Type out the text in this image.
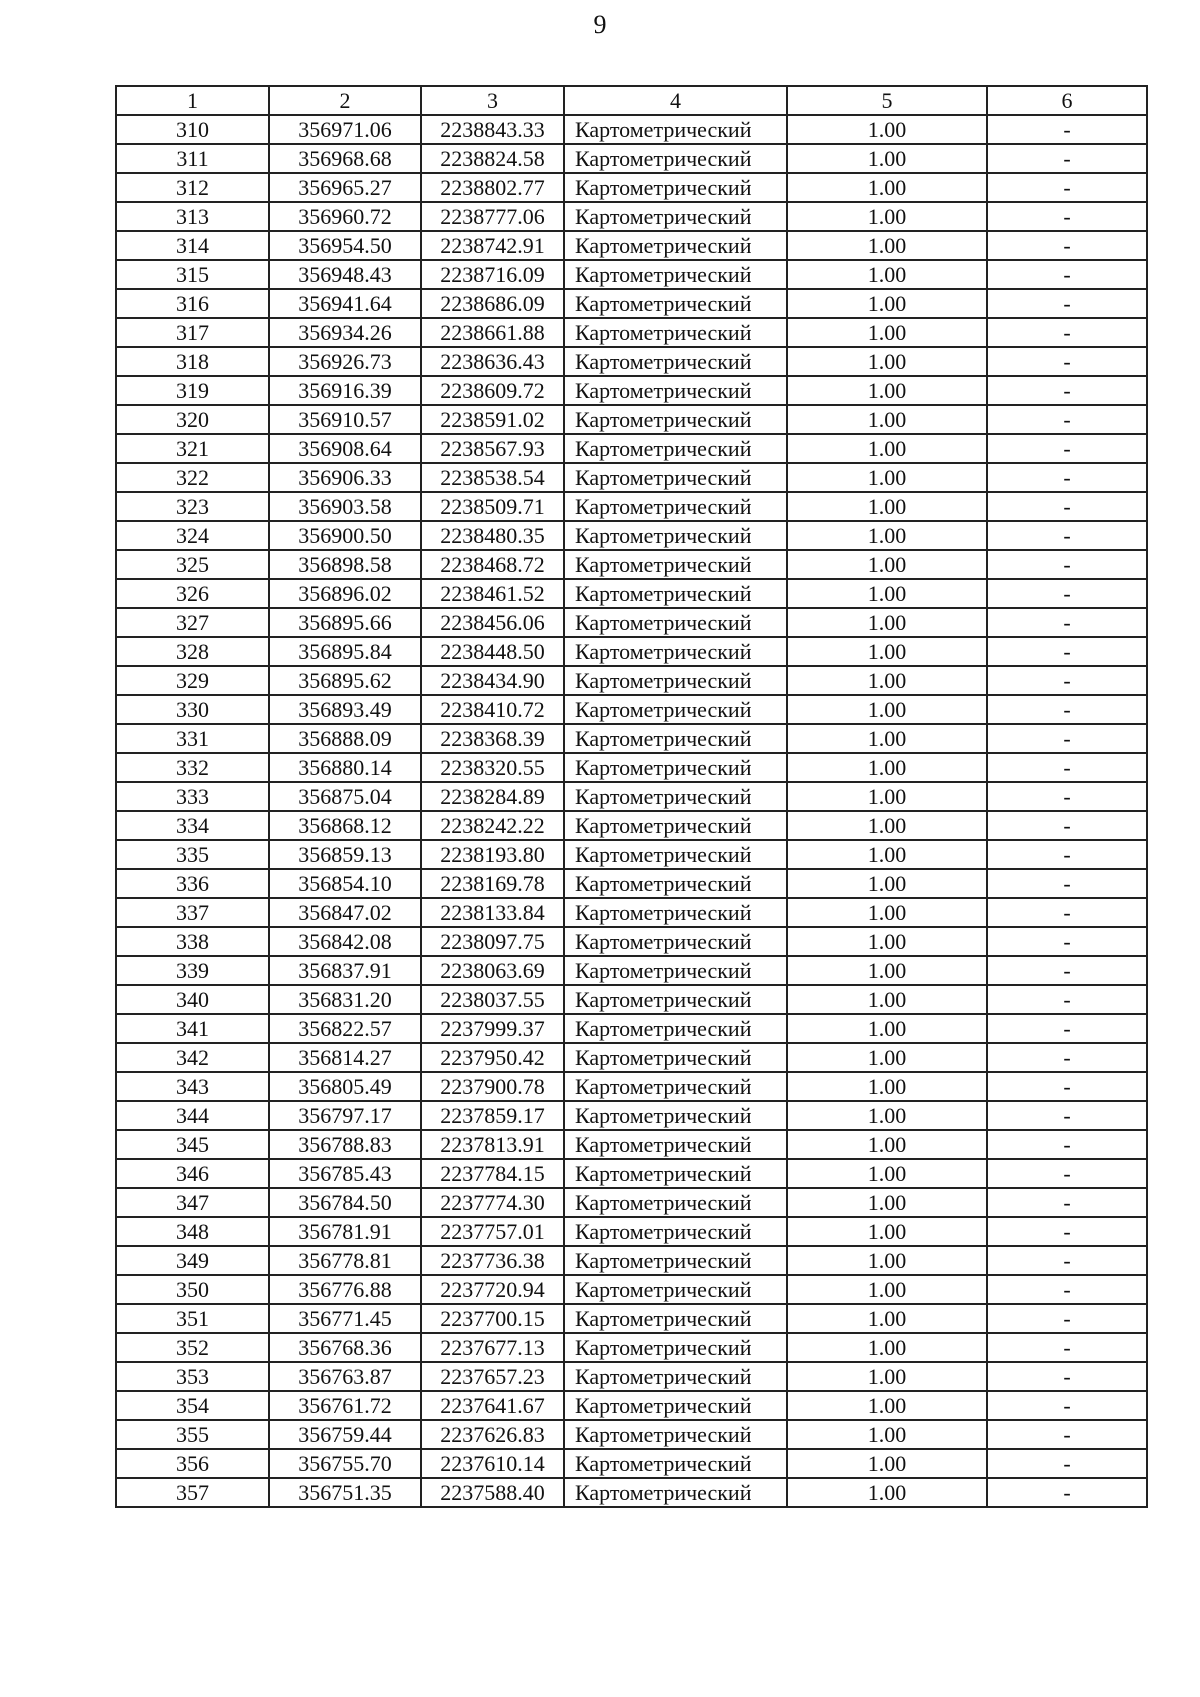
9
1	2	3	4	5	6
310	356971.06	2238843.33	Картометрический	1.00	-
311	356968.68	2238824.58	Картометрический	1.00	-
312	356965.27	2238802.77	Картометрический	1.00	-
313	356960.72	2238777.06	Картометрический	1.00	-
314	356954.50	2238742.91	Картометрический	1.00	-
315	356948.43	2238716.09	Картометрический	1.00	-
316	356941.64	2238686.09	Картометрический	1.00	-
317	356934.26	2238661.88	Картометрический	1.00	-
318	356926.73	2238636.43	Картометрический	1.00	-
319	356916.39	2238609.72	Картометрический	1.00	-
320	356910.57	2238591.02	Картометрический	1.00	-
321	356908.64	2238567.93	Картометрический	1.00	-
322	356906.33	2238538.54	Картометрический	1.00	-
323	356903.58	2238509.71	Картометрический	1.00	-
324	356900.50	2238480.35	Картометрический	1.00	-
325	356898.58	2238468.72	Картометрический	1.00	-
326	356896.02	2238461.52	Картометрический	1.00	-
327	356895.66	2238456.06	Картометрический	1.00	-
328	356895.84	2238448.50	Картометрический	1.00	-
329	356895.62	2238434.90	Картометрический	1.00	-
330	356893.49	2238410.72	Картометрический	1.00	-
331	356888.09	2238368.39	Картометрический	1.00	-
332	356880.14	2238320.55	Картометрический	1.00	-
333	356875.04	2238284.89	Картометрический	1.00	-
334	356868.12	2238242.22	Картометрический	1.00	-
335	356859.13	2238193.80	Картометрический	1.00	-
336	356854.10	2238169.78	Картометрический	1.00	-
337	356847.02	2238133.84	Картометрический	1.00	-
338	356842.08	2238097.75	Картометрический	1.00	-
339	356837.91	2238063.69	Картометрический	1.00	-
340	356831.20	2238037.55	Картометрический	1.00	-
341	356822.57	2237999.37	Картометрический	1.00	-
342	356814.27	2237950.42	Картометрический	1.00	-
343	356805.49	2237900.78	Картометрический	1.00	-
344	356797.17	2237859.17	Картометрический	1.00	-
345	356788.83	2237813.91	Картометрический	1.00	-
346	356785.43	2237784.15	Картометрический	1.00	-
347	356784.50	2237774.30	Картометрический	1.00	-
348	356781.91	2237757.01	Картометрический	1.00	-
349	356778.81	2237736.38	Картометрический	1.00	-
350	356776.88	2237720.94	Картометрический	1.00	-
351	356771.45	2237700.15	Картометрический	1.00	-
352	356768.36	2237677.13	Картометрический	1.00	-
353	356763.87	2237657.23	Картометрический	1.00	-
354	356761.72	2237641.67	Картометрический	1.00	-
355	356759.44	2237626.83	Картометрический	1.00	-
356	356755.70	2237610.14	Картометрический	1.00	-
357	356751.35	2237588.40	Картометрический	1.00	-
